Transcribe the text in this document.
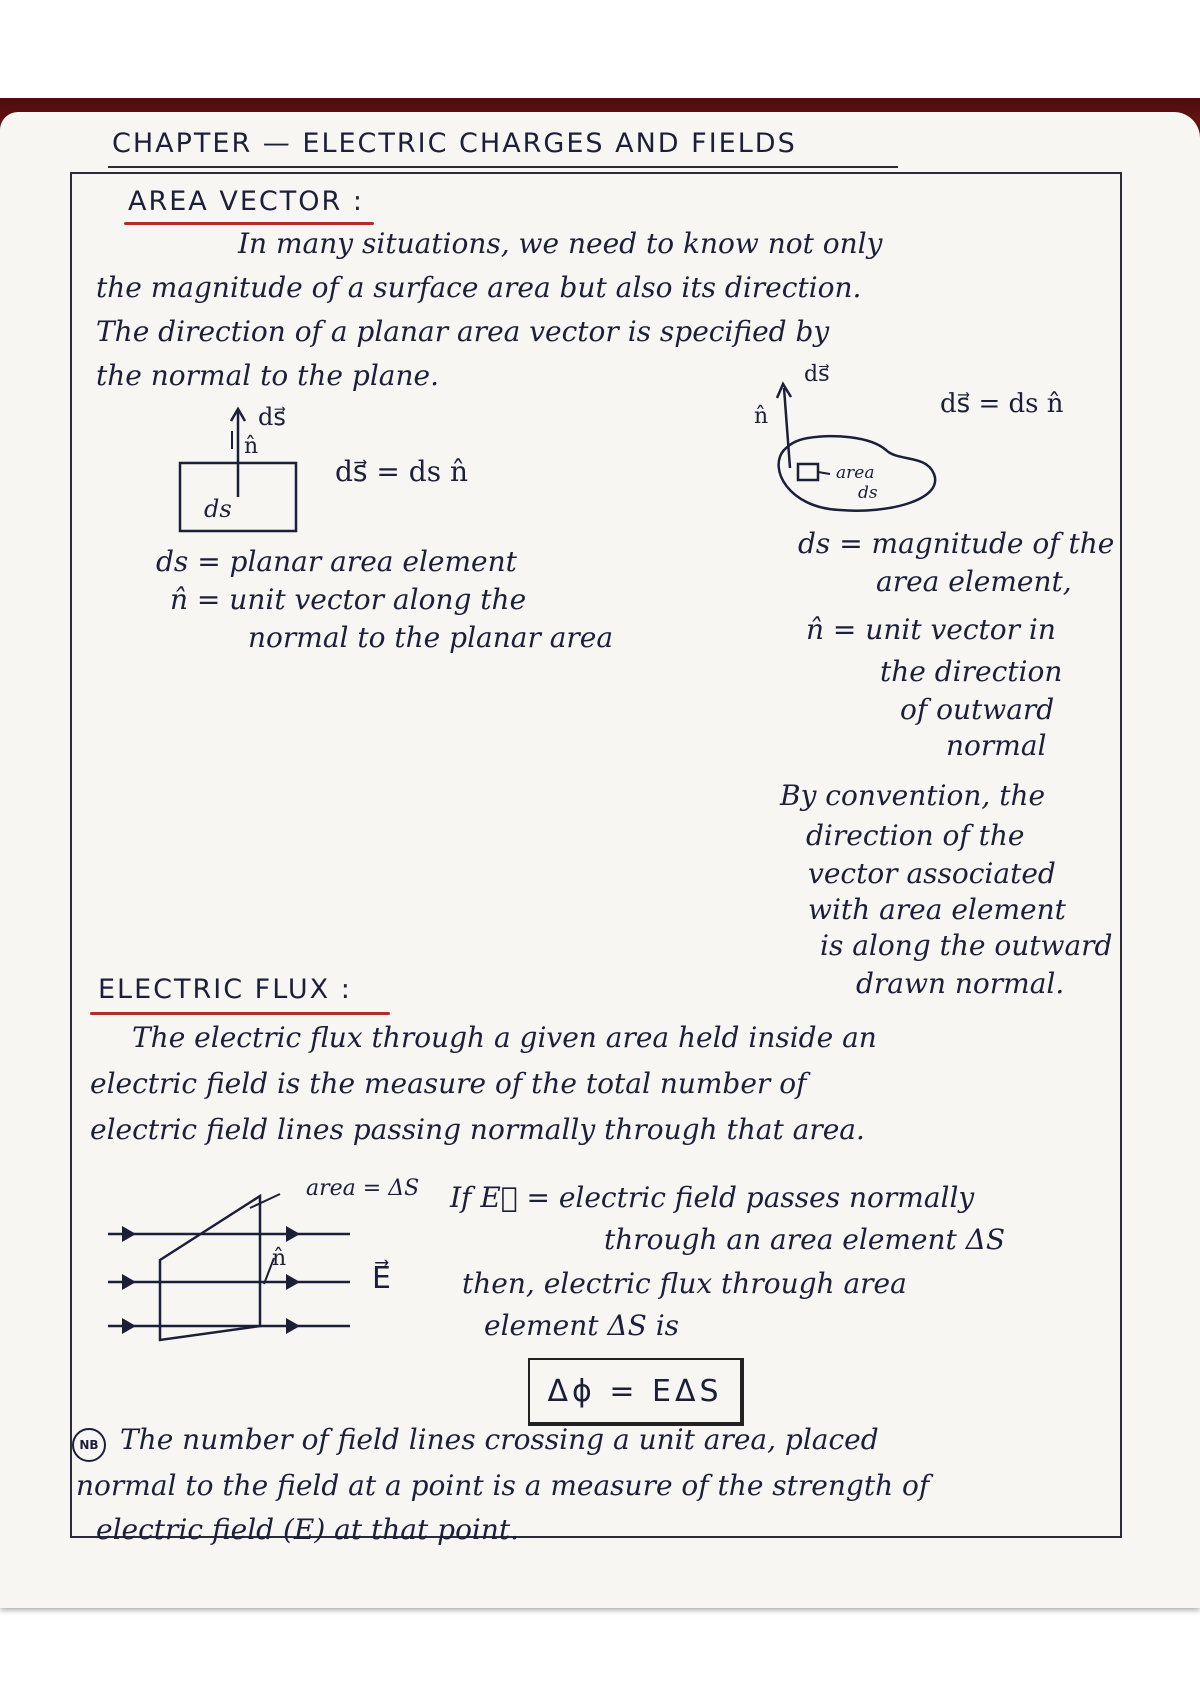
CHAPTER — ELECTRIC CHARGES AND FIELDS
AREA VECTOR :
In many situations, we need to know not only
the magnitude of a surface area but also its direction.
The direction of a planar area vector is specified by
the normal to the plane.
ds⃗
n̂
ds
ds⃗ = ds n̂
ds⃗
n̂
area
ds
ds⃗ = ds n̂
ds = planar area element
n̂ = unit vector along the
normal to the planar area
ds = magnitude of the
area element,
n̂ = unit vector in
the direction
of outward
normal
By convention, the
direction of the
vector associated
with area element
is along the outward
drawn normal.
ELECTRIC FLUX :
The electric flux through a given area held inside an
electric field is the measure of the total number of
electric field lines passing normally through that area.
area = ΔS
n̂
E⃗
If E⃗ = electric field passes normally
through an area element ΔS
then, electric flux through area
element ΔS is
Δϕ = EΔS
NB The number of field lines crossing a unit area, placed
normal to the field at a point is a measure of the strength of
electric field (E) at that point.
